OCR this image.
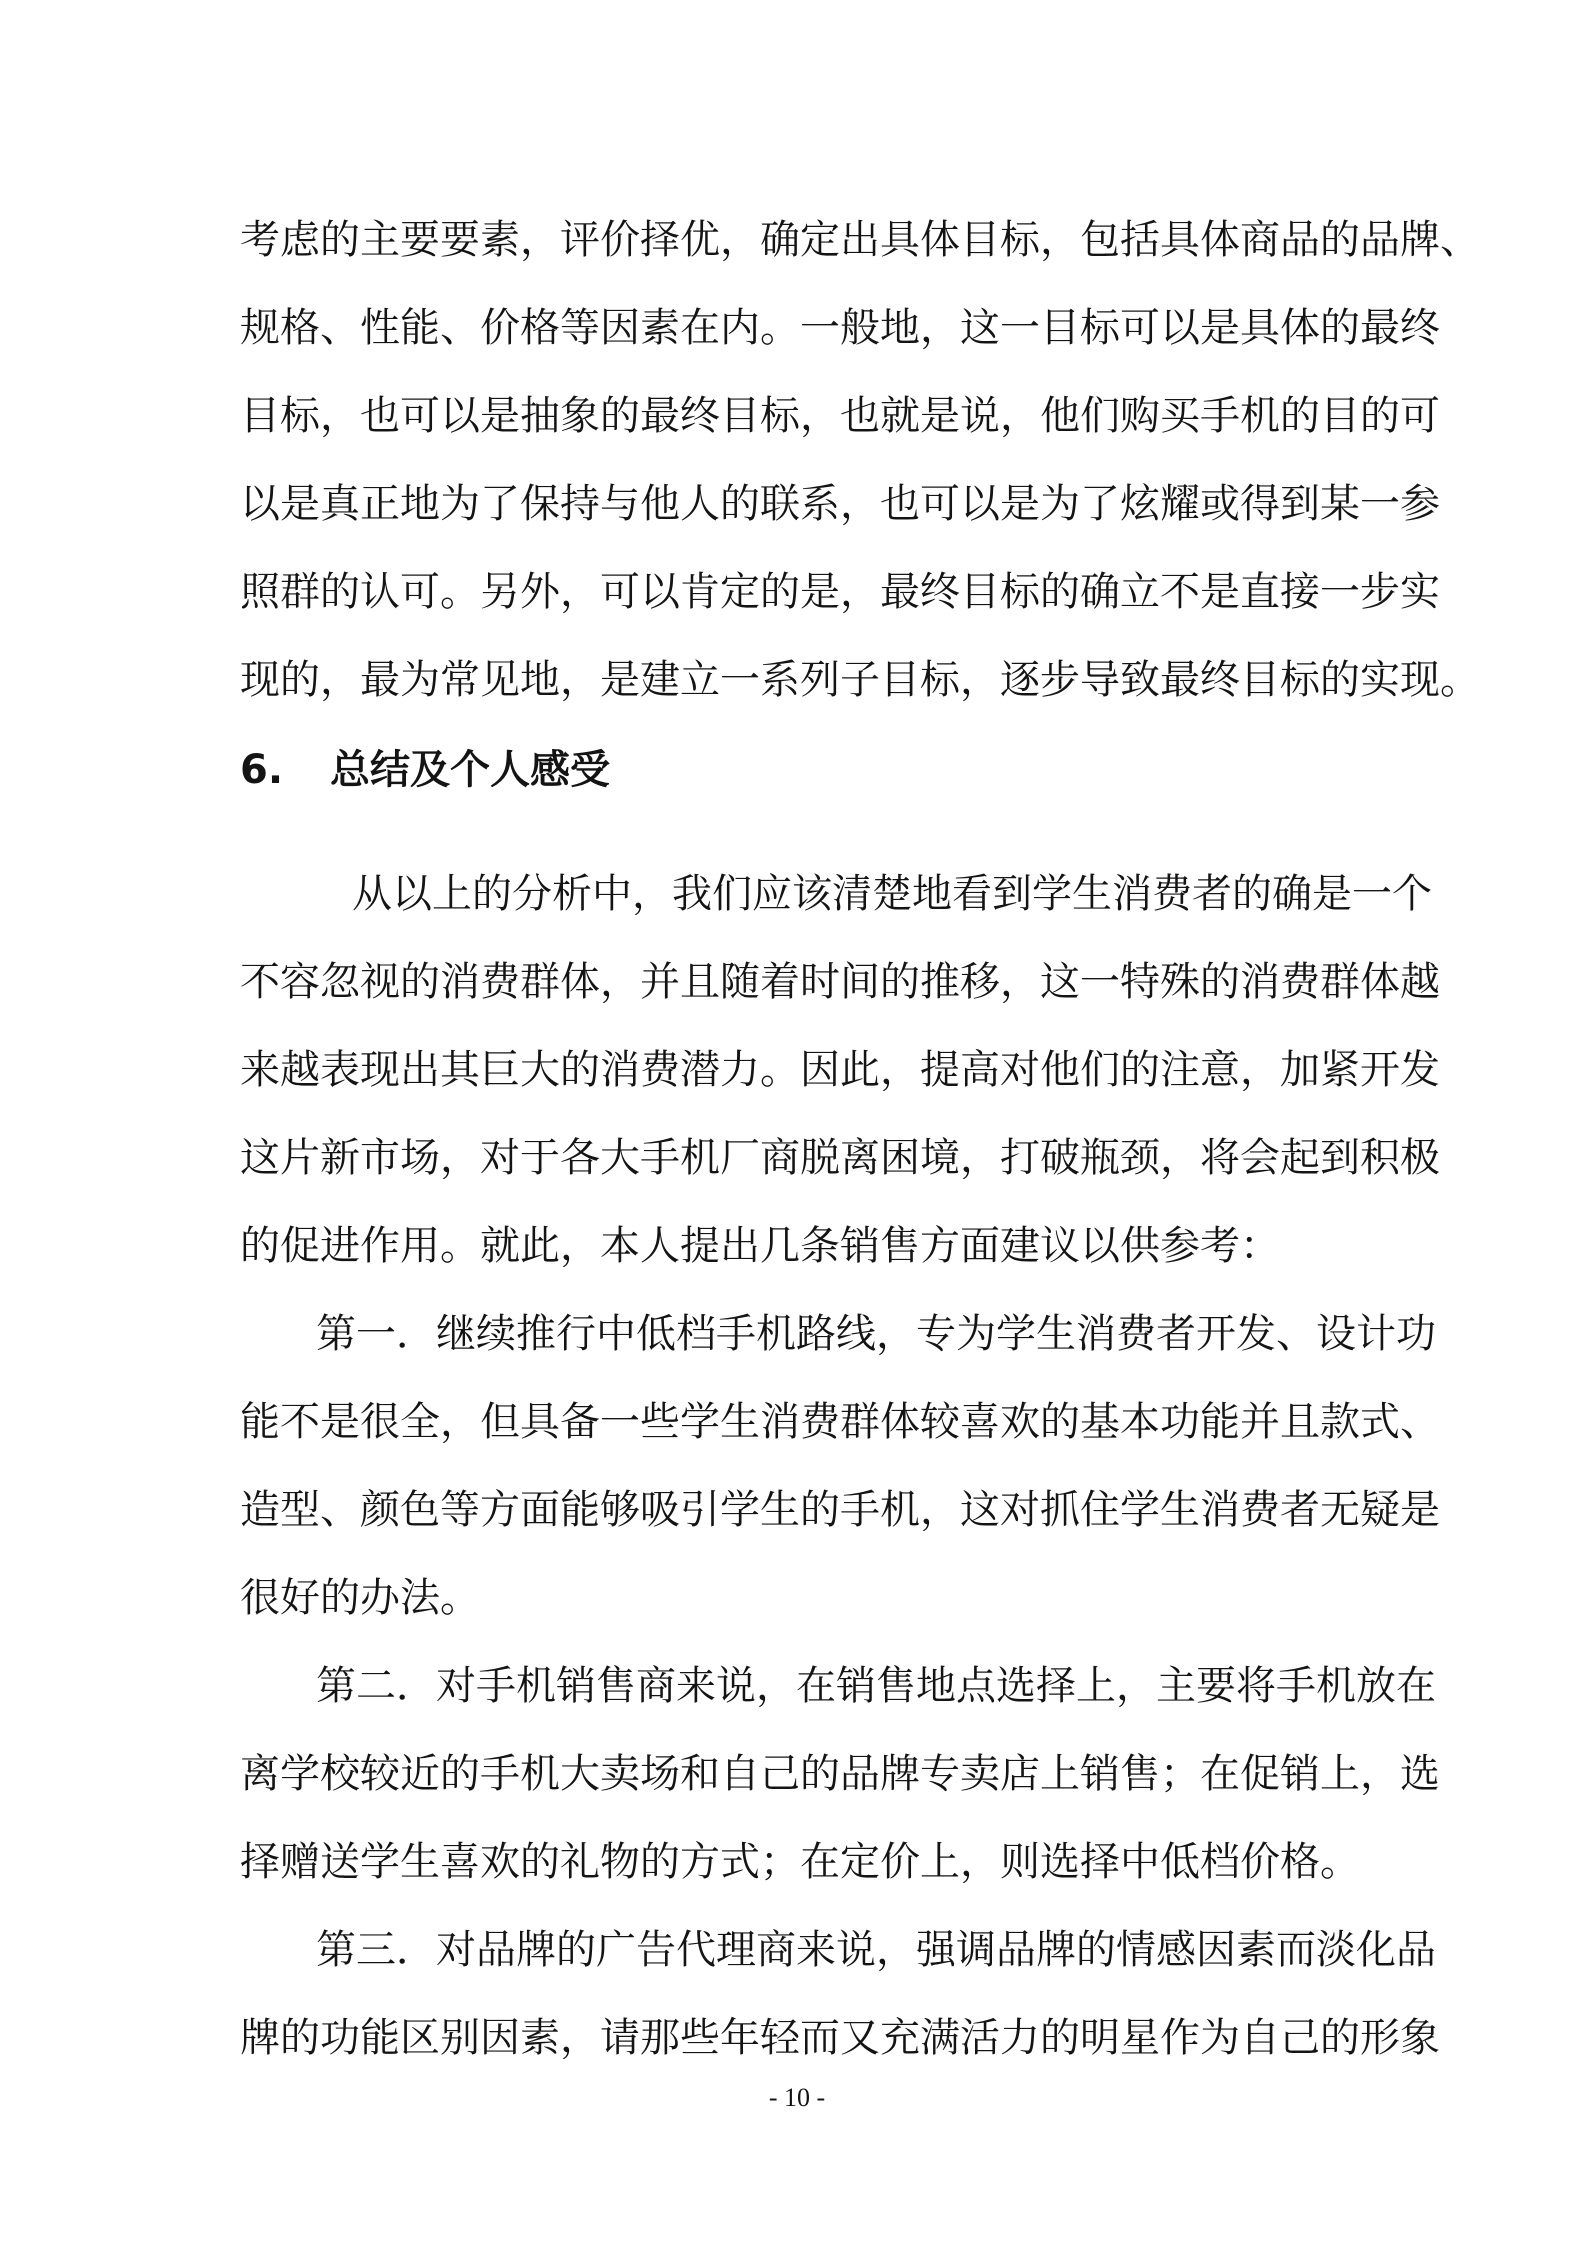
考虑的主要要素，评价择优，确定出具体目标，包括具体商品的品牌、
规格、性能、价格等因素在内。一般地，这一目标可以是具体的最终
目标，也可以是抽象的最终目标，也就是说，他们购买手机的目的可
以是真正地为了保持与他人的联系，也可以是为了炫耀或得到某一参
照群的认可。另外，可以肯定的是，最终目标的确立不是直接一步实
现的，最为常见地，是建立一系列子目标，逐步导致最终目标的实现。
6. 总结及个人感受
从以上的分析中，我们应该清楚地看到学生消费者的确是一个
不容忽视的消费群体，并且随着时间的推移，这一特殊的消费群体越
来越表现出其巨大的消费潜力。因此，提高对他们的注意，加紧开发
这片新市场，对于各大手机厂商脱离困境，打破瓶颈，将会起到积极
的促进作用。就此，本人提出几条销售方面建议以供参考：
第一．继续推行中低档手机路线，专为学生消费者开发、设计功
能不是很全，但具备一些学生消费群体较喜欢的基本功能并且款式、
造型、颜色等方面能够吸引学生的手机，这对抓住学生消费者无疑是
很好的办法。
第二．对手机销售商来说，在销售地点选择上，主要将手机放在
离学校较近的手机大卖场和自己的品牌专卖店上销售；在促销上，选
择赠送学生喜欢的礼物的方式；在定价上，则选择中低档价格。
第三．对品牌的广告代理商来说，强调品牌的情感因素而淡化品
牌的功能区别因素，请那些年轻而又充满活力的明星作为自己的形象
- 10 -
